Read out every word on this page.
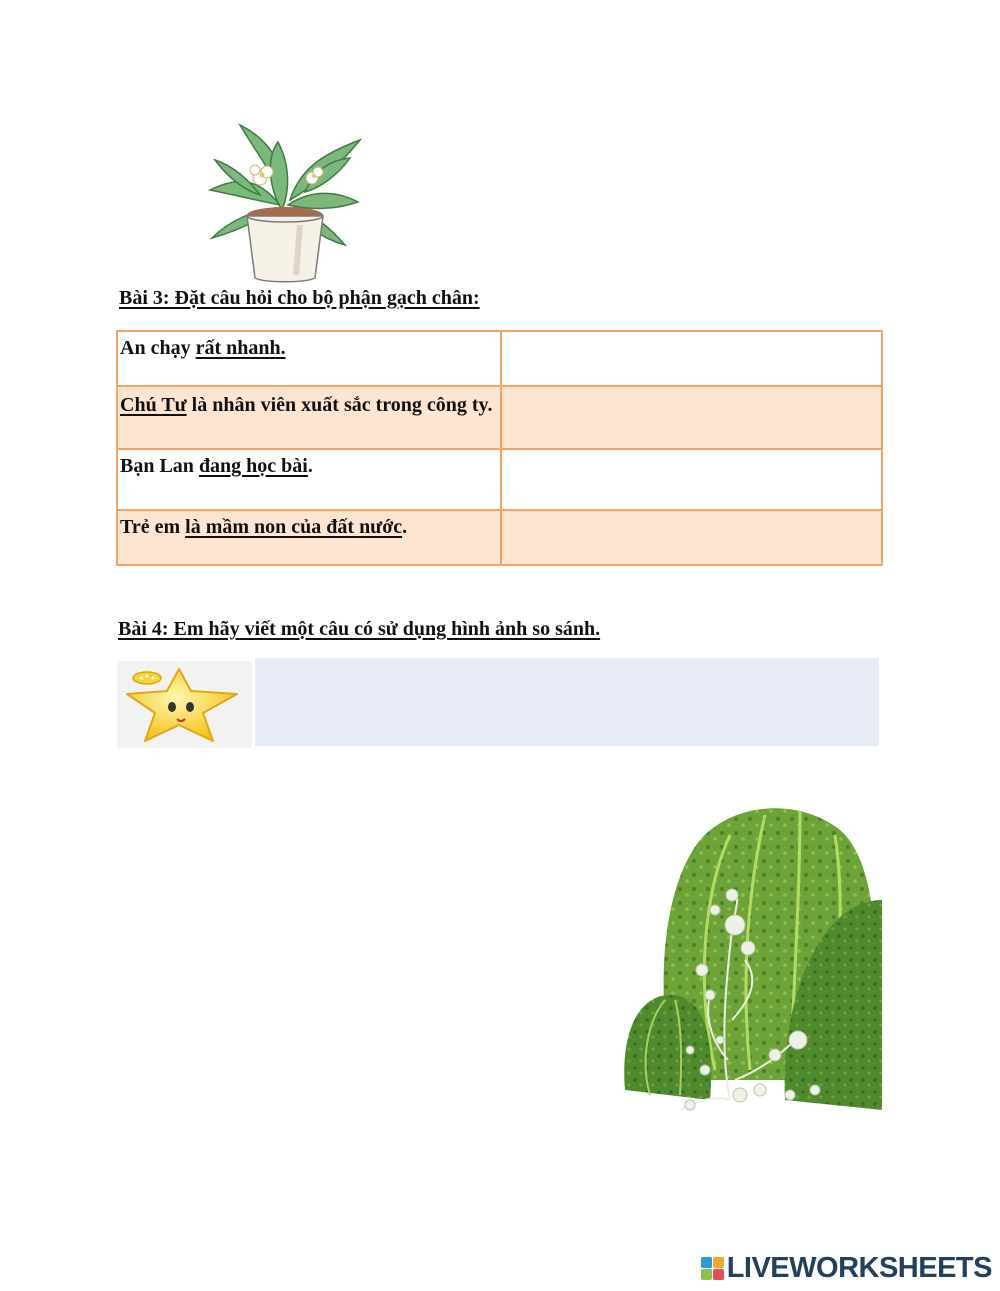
Bài 3: Đặt câu hỏi cho bộ phận gạch chân:
An chạy rất nhanh.	
Chú Tư là nhân viên xuất sắc trong công ty.	
Bạn Lan đang học bài.	
Trẻ em là mầm non của đất nước.	
Bài 4: Em hãy viết một câu có sử dụng hình ảnh so sánh.
LIVEWORKSHEETS
